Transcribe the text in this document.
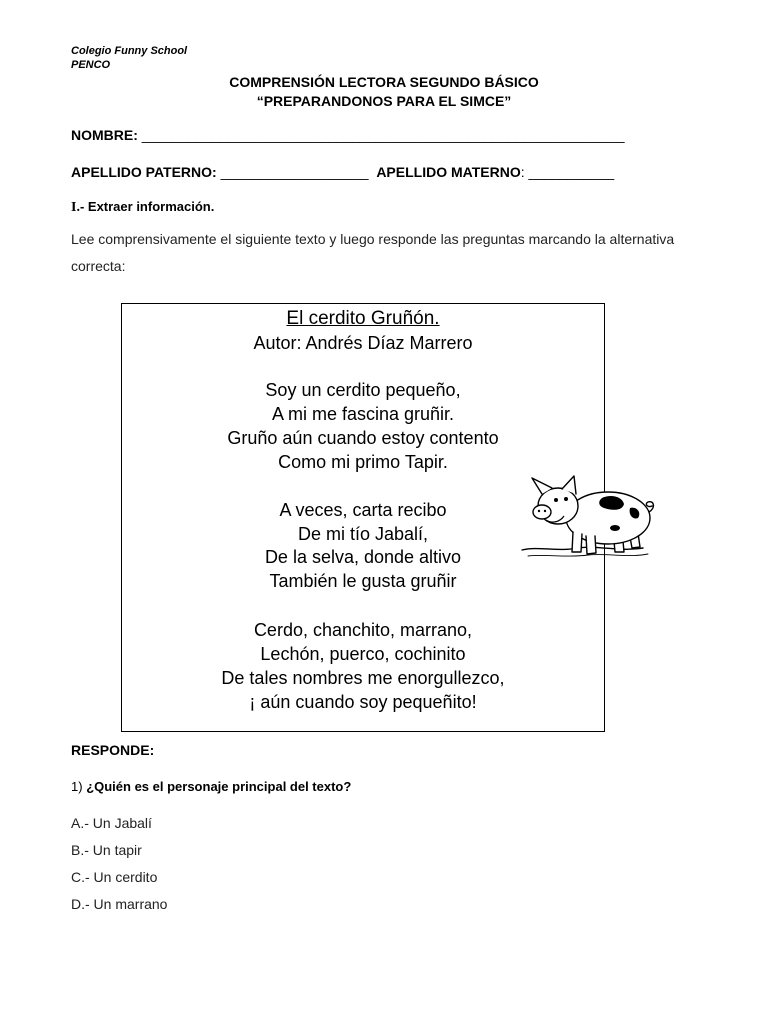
Colegio Funny School
PENCO
COMPRENSIÓN LECTORA SEGUNDO BÁSICO
“PREPARANDONOS PARA EL SIMCE”
NOMBRE: ______________________________________________________________
APELLIDO PATERNO: ___________________ APELLIDO MATERNO: ___________
I.- Extraer información.
Lee comprensivamente el siguiente texto y luego responde las preguntas marcando la alternativa correcta:
El cerdito Gruñón.
Autor: Andrés Díaz Marrero
Soy un cerdito pequeño,
A mi me fascina gruñir.
Gruño aún cuando estoy contento
Como mi primo Tapir.
A veces, carta recibo
De mi tío Jabalí,
De la selva, donde altivo
También le gusta gruñir
Cerdo, chanchito, marrano,
Lechón, puerco, cochinito
De tales nombres me enorgullezco,
¡ aún cuando soy pequeñito!
RESPONDE:
1) ¿Quién es el personaje principal del texto?
A.- Un Jabalí
B.- Un tapir
C.- Un cerdito
D.- Un marrano
